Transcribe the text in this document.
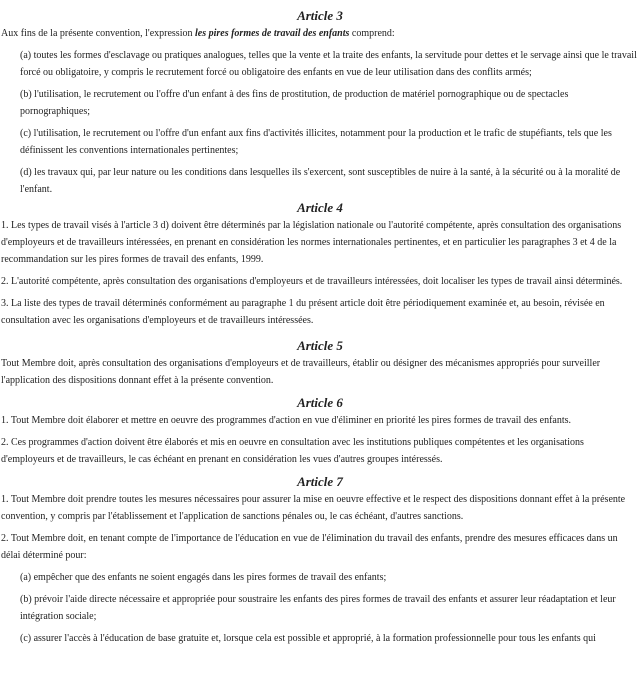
Article 3

Aux fins de la présente convention, l'expression les pires formes de travail des enfants comprend:

(a) toutes les formes d'esclavage ou pratiques analogues, telles que la vente et la traite des enfants, la servitude pour dettes et le servage ainsi que le travail forcé ou obligatoire, y compris le recrutement forcé ou obligatoire des enfants en vue de leur utilisation dans des conflits armés;

(b) l'utilisation, le recrutement ou l'offre d'un enfant à des fins de prostitution, de production de matériel pornographique ou de spectacles pornographiques;

(c) l'utilisation, le recrutement ou l'offre d'un enfant aux fins d'activités illicites, notamment pour la production et le trafic de stupéfiants, tels que les définissent les conventions internationales pertinentes;

(d) les travaux qui, par leur nature ou les conditions dans lesquelles ils s'exercent, sont susceptibles de nuire à la santé, à la sécurité ou à la moralité de l'enfant.

Article 4

1. Les types de travail visés à l'article 3 d) doivent être déterminés par la législation nationale ou l'autorité compétente, après consultation des organisations d'employeurs et de travailleurs intéressées, en prenant en considération les normes internationales pertinentes, et en particulier les paragraphes 3 et 4 de la recommandation sur les pires formes de travail des enfants, 1999.

2. L'autorité compétente, après consultation des organisations d'employeurs et de travailleurs intéressées, doit localiser les types de travail ainsi déterminés.

3. La liste des types de travail déterminés conformément au paragraphe 1 du présent article doit être périodiquement examinée et, au besoin, révisée en consultation avec les organisations d'employeurs et de travailleurs intéressées.

Article 5

Tout Membre doit, après consultation des organisations d'employeurs et de travailleurs, établir ou désigner des mécanismes appropriés pour surveiller l'application des dispositions donnant effet à la présente convention.

Article 6

1. Tout Membre doit élaborer et mettre en oeuvre des programmes d'action en vue d'éliminer en priorité les pires formes de travail des enfants.

2. Ces programmes d'action doivent être élaborés et mis en oeuvre en consultation avec les institutions publiques compétentes et les organisations d'employeurs et de travailleurs, le cas échéant en prenant en considération les vues d'autres groupes intéressés.

Article 7

1. Tout Membre doit prendre toutes les mesures nécessaires pour assurer la mise en oeuvre effective et le respect des dispositions donnant effet à la présente convention, y compris par l'établissement et l'application de sanctions pénales ou, le cas échéant, d'autres sanctions.

2. Tout Membre doit, en tenant compte de l'importance de l'éducation en vue de l'élimination du travail des enfants, prendre des mesures efficaces dans un délai déterminé pour:

(a) empêcher que des enfants ne soient engagés dans les pires formes de travail des enfants;

(b) prévoir l'aide directe nécessaire et appropriée pour soustraire les enfants des pires formes de travail des enfants et assurer leur réadaptation et leur intégration sociale;

(c) assurer l'accès à l'éducation de base gratuite et, lorsque cela est possible et approprié, à la formation professionnelle pour tous les enfants qui
